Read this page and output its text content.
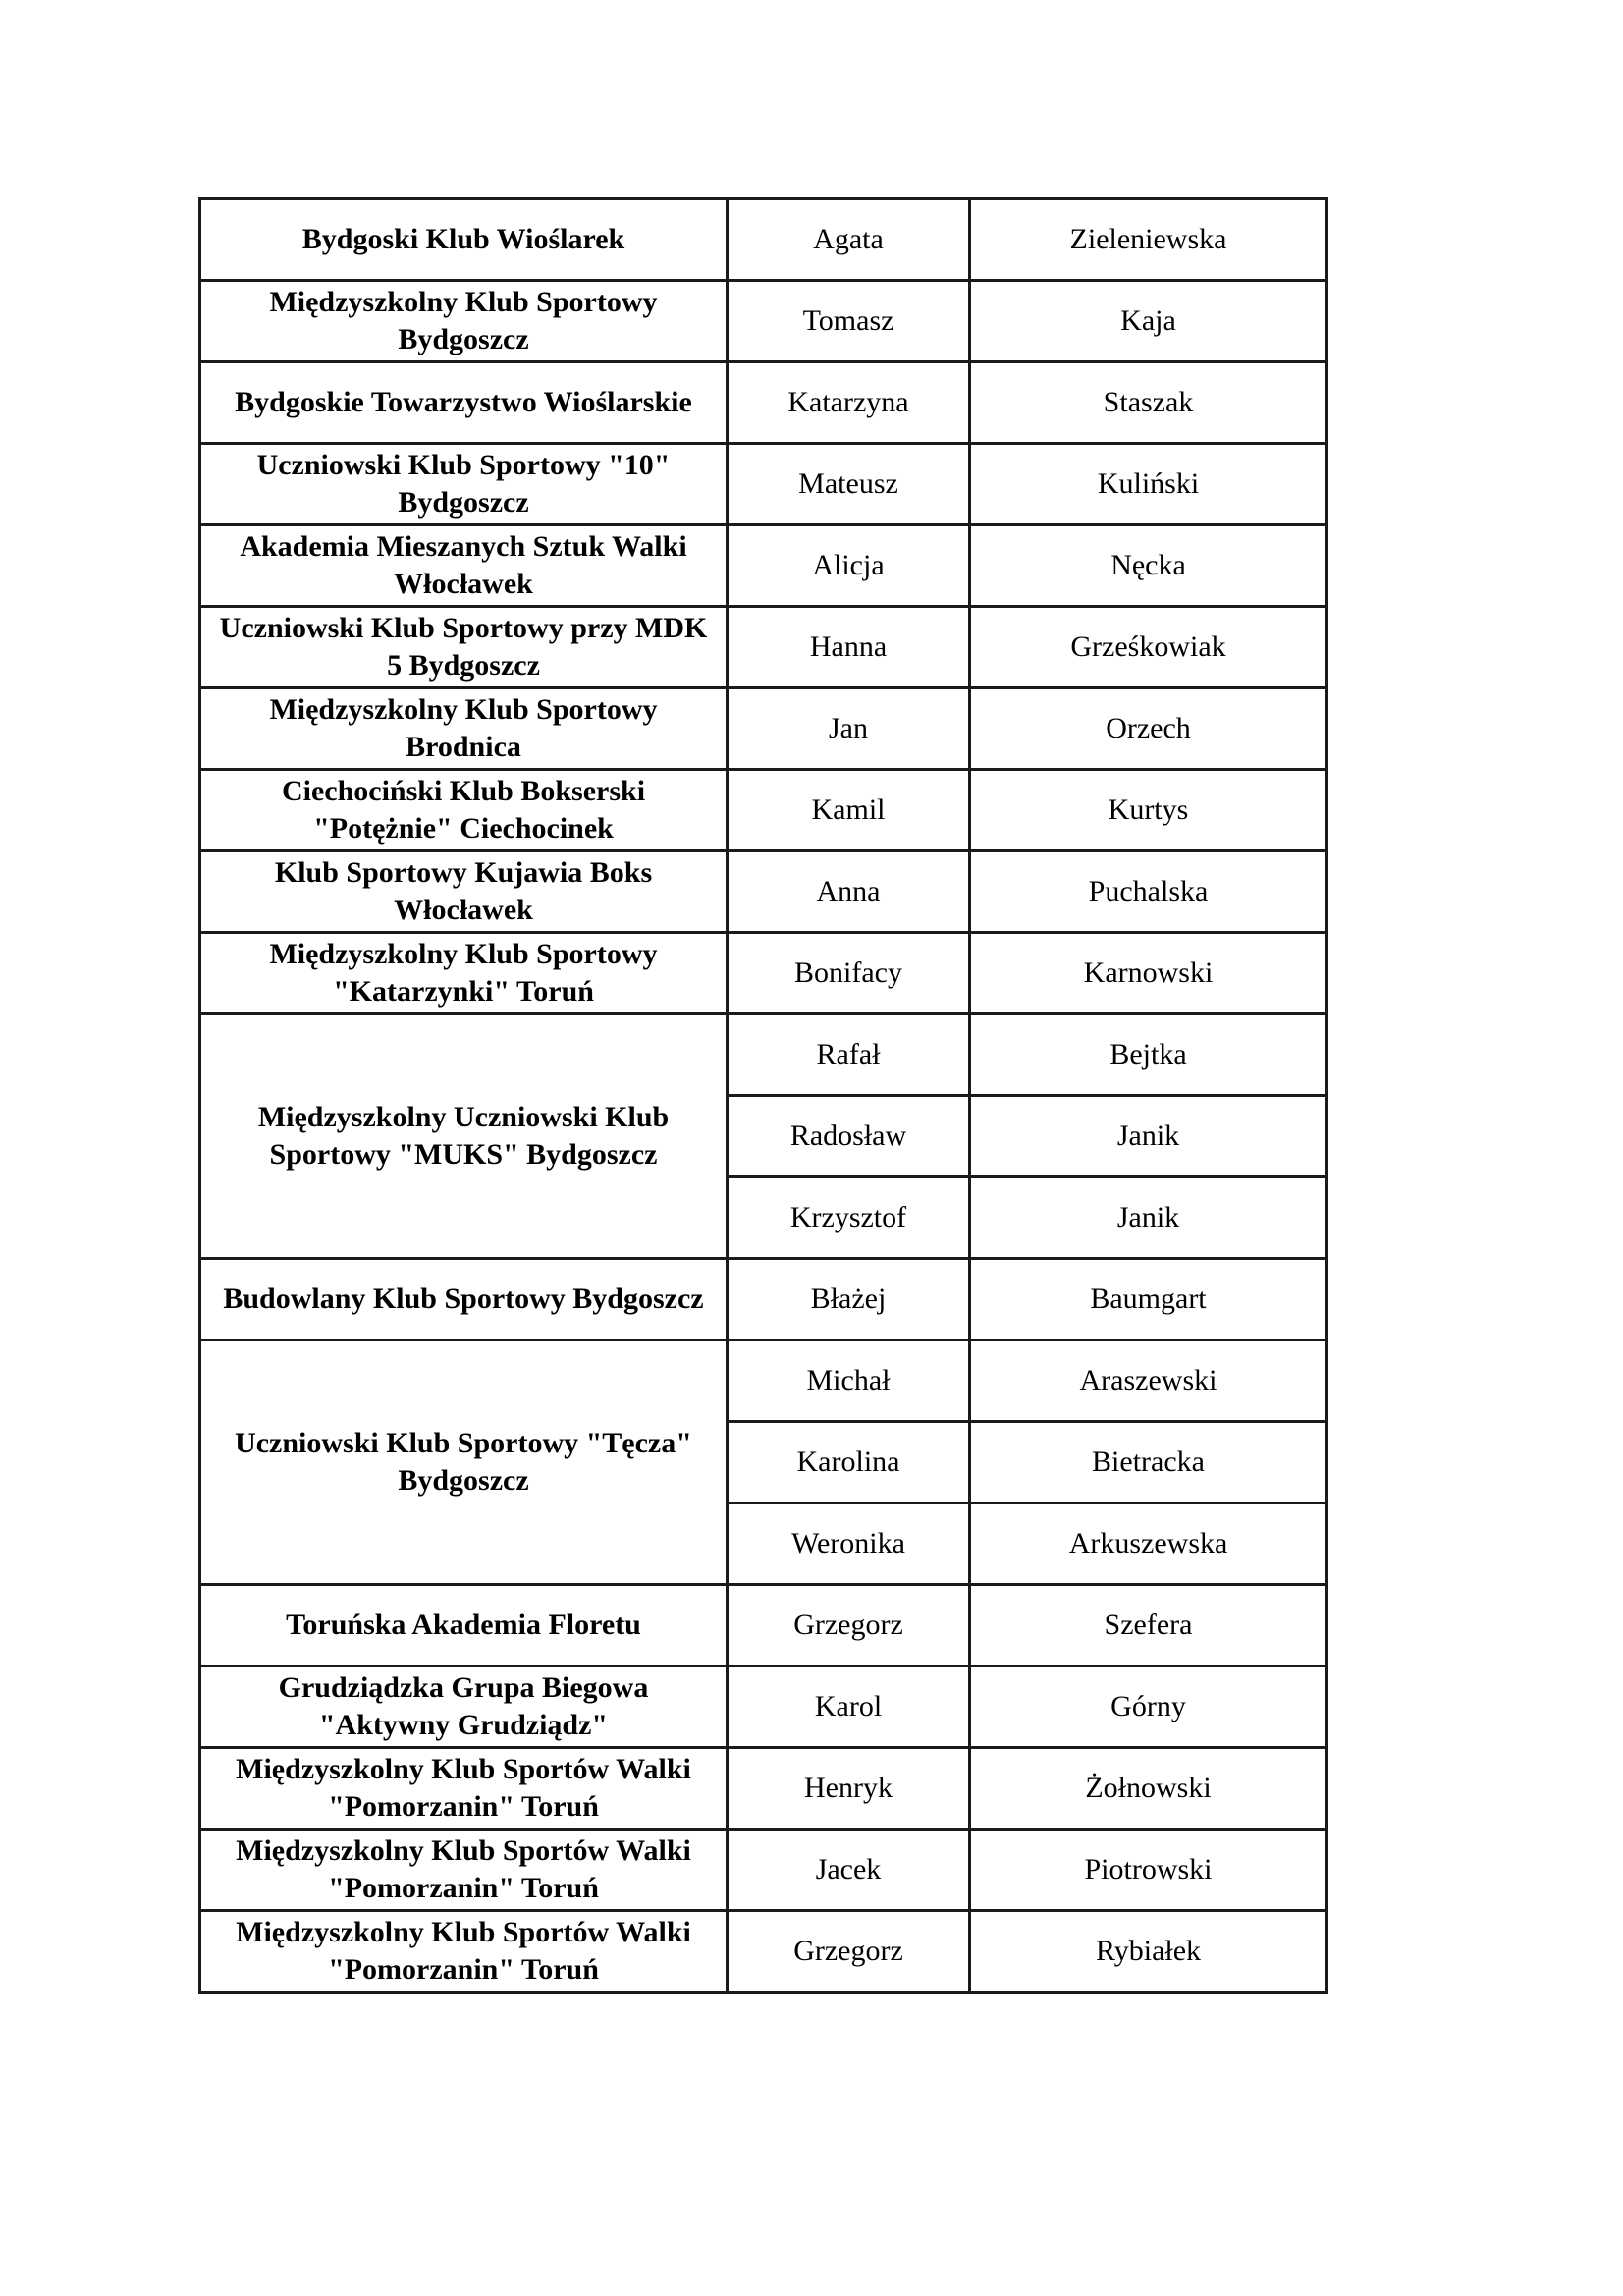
Bydgoski Klub Wioślarek	Agata	Zieleniewska
Międzyszkolny Klub Sportowy Bydgoszcz	Tomasz	Kaja
Bydgoskie Towarzystwo Wioślarskie	Katarzyna	Staszak
Uczniowski Klub Sportowy "10" Bydgoszcz	Mateusz	Kuliński
Akademia Mieszanych Sztuk Walki Włocławek	Alicja	Nęcka
Uczniowski Klub Sportowy przy MDK 5 Bydgoszcz	Hanna	Grześkowiak
Międzyszkolny Klub Sportowy Brodnica	Jan	Orzech
Ciechociński Klub Bokserski "Potężnie" Ciechocinek	Kamil	Kurtys
Klub Sportowy Kujawia Boks Włocławek	Anna	Puchalska
Międzyszkolny Klub Sportowy "Katarzynki" Toruń	Bonifacy	Karnowski
Międzyszkolny Uczniowski Klub Sportowy "MUKS" Bydgoszcz	Rafał	Bejtka
	Radosław	Janik
	Krzysztof	Janik
Budowlany Klub Sportowy Bydgoszcz	Błażej	Baumgart
Uczniowski Klub Sportowy "Tęcza" Bydgoszcz	Michał	Araszewski
	Karolina	Bietracka
	Weronika	Arkuszewska
Toruńska Akademia Floretu	Grzegorz	Szefera
Grudziądzka Grupa Biegowa "Aktywny Grudziądz"	Karol	Górny
Międzyszkolny Klub Sportów Walki "Pomorzanin" Toruń	Henryk	Żołnowski
Międzyszkolny Klub Sportów Walki "Pomorzanin" Toruń	Jacek	Piotrowski
Międzyszkolny Klub Sportów Walki "Pomorzanin" Toruń	Grzegorz	Rybiałek
